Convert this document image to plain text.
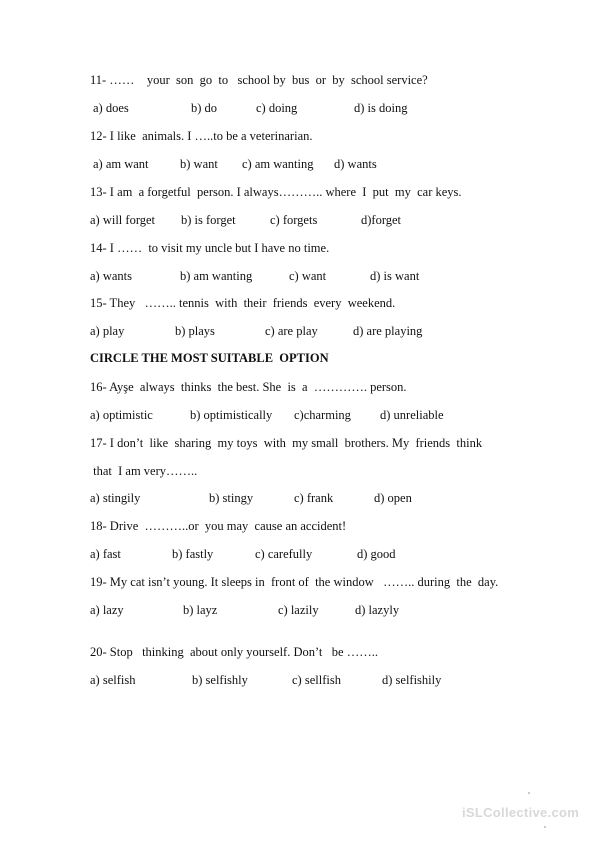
11- ……    your  son  go  to   school by  bus  or  by  school service?
a) does	b) do	c) doing	d) is doing
12- I like  animals. I …..to be a veterinarian.
a) am want	b) want c) am wanting d) wants
13- I am  a forgetful  person. I always……….. where  I  put  my  car keys.
a) will forget b) is forget	c) forgets	d)forget
14- I ……  to visit my uncle but I have no time.
a) wants	b) am wanting	c) want	d) is want
15- They   …….. tennis  with  their  friends  every  weekend.
a) play	b) plays	c) are play	d) are playing
CIRCLE THE MOST SUITABLE  OPTION
16- Ayşe  always  thinks  the best. She  is  a  …………. person.
a) optimistic	b) optimistically c)charming d) unreliable
17- I don’t  like  sharing  my toys  with  my small  brothers. My  friends  think
that  I am very……..
a) stingily	b) stingy	c) frank	d) open
18- Drive  ………..or  you may  cause an accident!
a) fast	b) fastly	c) carefully	d) good
19- My cat isn’t young. It sleeps in  front of  the window   …….. during  the  day.
a) lazy	b) layz	c) lazily	d) lazyly
20- Stop   thinking  about only yourself. Don’t   be ……..
a) selfish	b) selfishly	c) sellfish	d) selfishily
iSLCollective.com
